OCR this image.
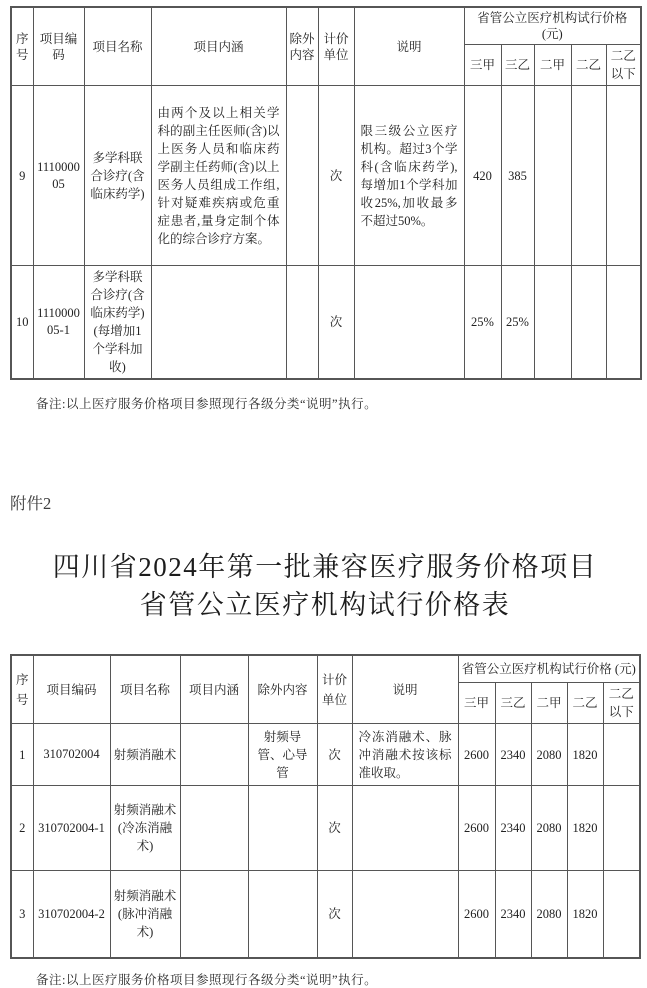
序号	项目编码	项目名称	项目内涵	除外内容	计价单位	说明	省管公立医疗机构试行价格 (元)				
							三甲	三乙	二甲	二乙	二乙以下
9	111000005	多学科联合诊疗(含临床药学)	由两个及以上相关学科的副主任医师(含)以上医务人员和临床药学副主任药师(含)以上医务人员组成工作组,针对疑难疾病或危重症患者,量身定制个体化的综合诊疗方案。		次	限三级公立医疗机构。超过3个学科(含临床药学),每增加1个学科加收25%,加收最多不超过50%。	420	385			
10	111000005-1	多学科联合诊疗(含临床药学)(每增加1个学科加收)			次		25%	25%			
备注:以上医疗服务价格项目参照现行各级分类“说明”执行。
附件2
四川省2024年第一批兼容医疗服务价格项目
省管公立医疗机构试行价格表
序号	项目编码	项目名称	项目内涵	除外内容	计价单位	说明	省管公立医疗机构试行价格 (元)				
							三甲	三乙	二甲	二乙	二乙以下
1	310702004	射频消融术		射频导管、心导管	次	冷冻消融术、脉冲消融术按该标准收取。	2600	2340	2080	1820	
2	310702004-1	射频消融术(冷冻消融术)			次		2600	2340	2080	1820	
3	310702004-2	射频消融术(脉冲消融术)			次		2600	2340	2080	1820	
备注:以上医疗服务价格项目参照现行各级分类“说明”执行。
